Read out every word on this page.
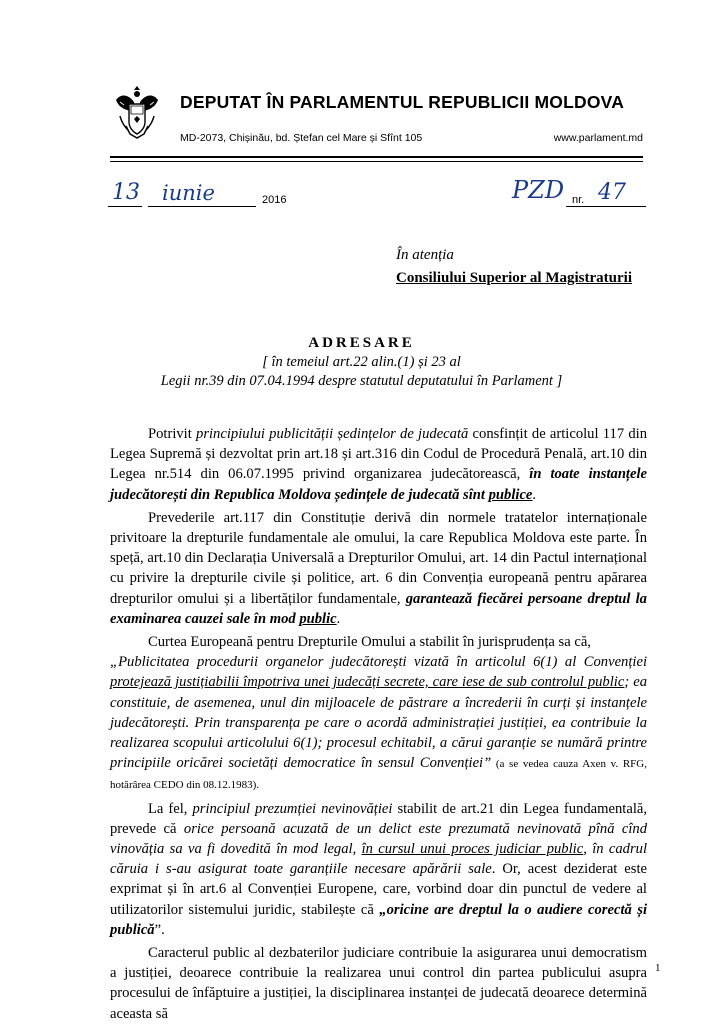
DEPUTAT ÎN PARLAMENTUL REPUBLICII MOLDOVA
MD-2073, Chișinău, bd. Ștefan cel Mare și Sfînt 105	www.parlament.md
13 iunie	2016	PZD nr. 47
În atenția
Consiliului Superior al Magistraturii
ADRESARE
[ în temeiul art.22 alin.(1) și 23 al
Legii nr.39 din 07.04.1994 despre statutul deputatului în Parlament ]

Potrivit principiului publicității ședințelor de judecată consfințit de articolul 117 din Legea Supremă și dezvoltat prin art.18 și art.316 din Codul de Procedură Penală, art.10 din Legea nr.514 din 06.07.1995 privind organizarea judecătorească, în toate instanțele judecătorești din Republica Moldova ședințele de judecată sînt publice.

Prevederile art.117 din Constituție derivă din normele tratatelor internaționale privitoare la drepturile fundamentale ale omului, la care Republica Moldova este parte. În speță, art.10 din Declarația Universală a Drepturilor Omului, art. 14 din Pactul internațional cu privire la drepturile civile și politice, art. 6 din Convenția europeană pentru apărarea drepturilor omului și a libertăților fundamentale, garantează fiecărei persoane dreptul la examinarea cauzei sale în mod public.

Curtea Europeană pentru Drepturile Omului a stabilit în jurisprudența sa că,

„Publicitatea procedurii organelor judecătorești vizată în articolul 6(1) al Convenției protejează justițiabilii împotriva unei judecăți secrete, care iese de sub controlul public; ea constituie, de asemenea, unul din mijloacele de păstrare a încrederii în curți și instanțele judecătorești. Prin transparența pe care o acordă administrației justiției, ea contribuie la realizarea scopului articolului 6(1); procesul echitabil, a cărui garanție se numără printre principiile oricărei societăți democratice în sensul Convenției” (a se vedea cauza Axen v. RFG, hotărârea CEDO din 08.12.1983).

La fel, principiul prezumției nevinovăției stabilit de art.21 din Legea fundamentală, prevede că orice persoană acuzată de un delict este prezumată nevinovată pînă cînd vinovăția sa va fi dovedită în mod legal, în cursul unui proces judiciar public, în cadrul căruia i s-au asigurat toate garanțiile necesare apărării sale. Or, acest deziderat este exprimat și în art.6 al Convenției Europene, care, vorbind doar din punctul de vedere al utilizatorilor sistemului juridic, stabilește că „oricine are dreptul la o audiere corectă și publică”.

Caracterul public al dezbaterilor judiciare contribuie la asigurarea unui democratism a justiției, deoarece contribuie la realizarea unui control din partea publicului asupra procesului de înfăptuire a justiției, la disciplinarea instanței de judecată deoarece determină aceasta să

1
